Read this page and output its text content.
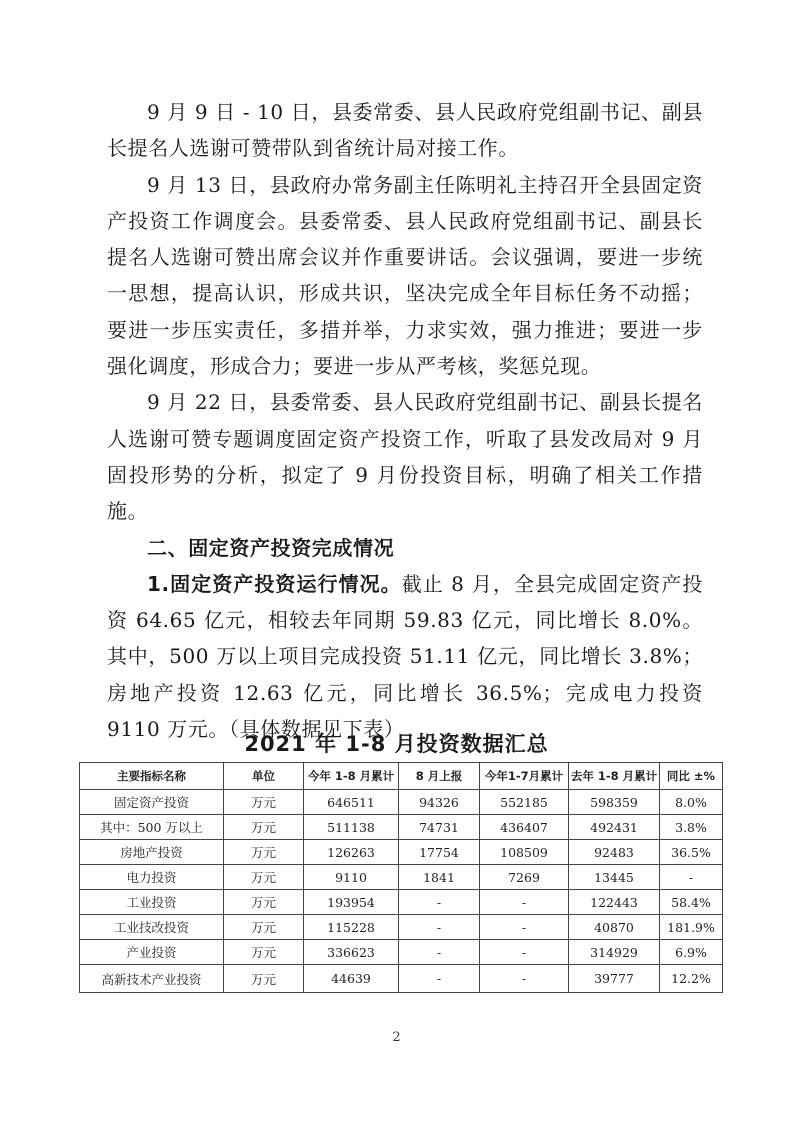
9 月 9 日 - 10 日，县委常委、县人民政府党组副书记、副县长提名人选谢可赞带队到省统计局对接工作。

9 月 13 日，县政府办常务副主任陈明礼主持召开全县固定资产投资工作调度会。县委常委、县人民政府党组副书记、副县长提名人选谢可赞出席会议并作重要讲话。会议强调，要进一步统一思想，提高认识，形成共识，坚决完成全年目标任务不动摇；要进一步压实责任，多措并举，力求实效，强力推进；要进一步强化调度，形成合力；要进一步从严考核，奖惩兑现。

9 月 22 日，县委常委、县人民政府党组副书记、副县长提名人选谢可赞专题调度固定资产投资工作，听取了县发改局对 9 月固投形势的分析，拟定了 9 月份投资目标，明确了相关工作措施。

二、固定资产投资完成情况

1.固定资产投资运行情况。截止 8 月，全县完成固定资产投资 64.65 亿元，相较去年同期 59.83 亿元，同比增长 8.0%。其中，500 万以上项目完成投资 51.11 亿元，同比增长 3.8%；房地产投资 12.63 亿元，同比增长 36.5%；完成电力投资 9110 万元。（具体数据见下表）

2021 年 1-8 月投资数据汇总
主要指标名称	单位	今年 1-8 月累计	8 月上报	今年1-7月累计	去年 1-8 月累计	同比 ±%
固定资产投资	万元	646511	94326	552185	598359	8.0%
其中：500 万以上	万元	511138	74731	436407	492431	3.8%
房地产投资	万元	126263	17754	108509	92483	36.5%
电力投资	万元	9110	1841	7269	13445	-
工业投资	万元	193954	-	-	122443	58.4%
工业技改投资	万元	115228	-	-	40870	181.9%
产业投资	万元	336623	-	-	314929	6.9%
高新技术产业投资	万元	44639	-	-	39777	12.2%
2
